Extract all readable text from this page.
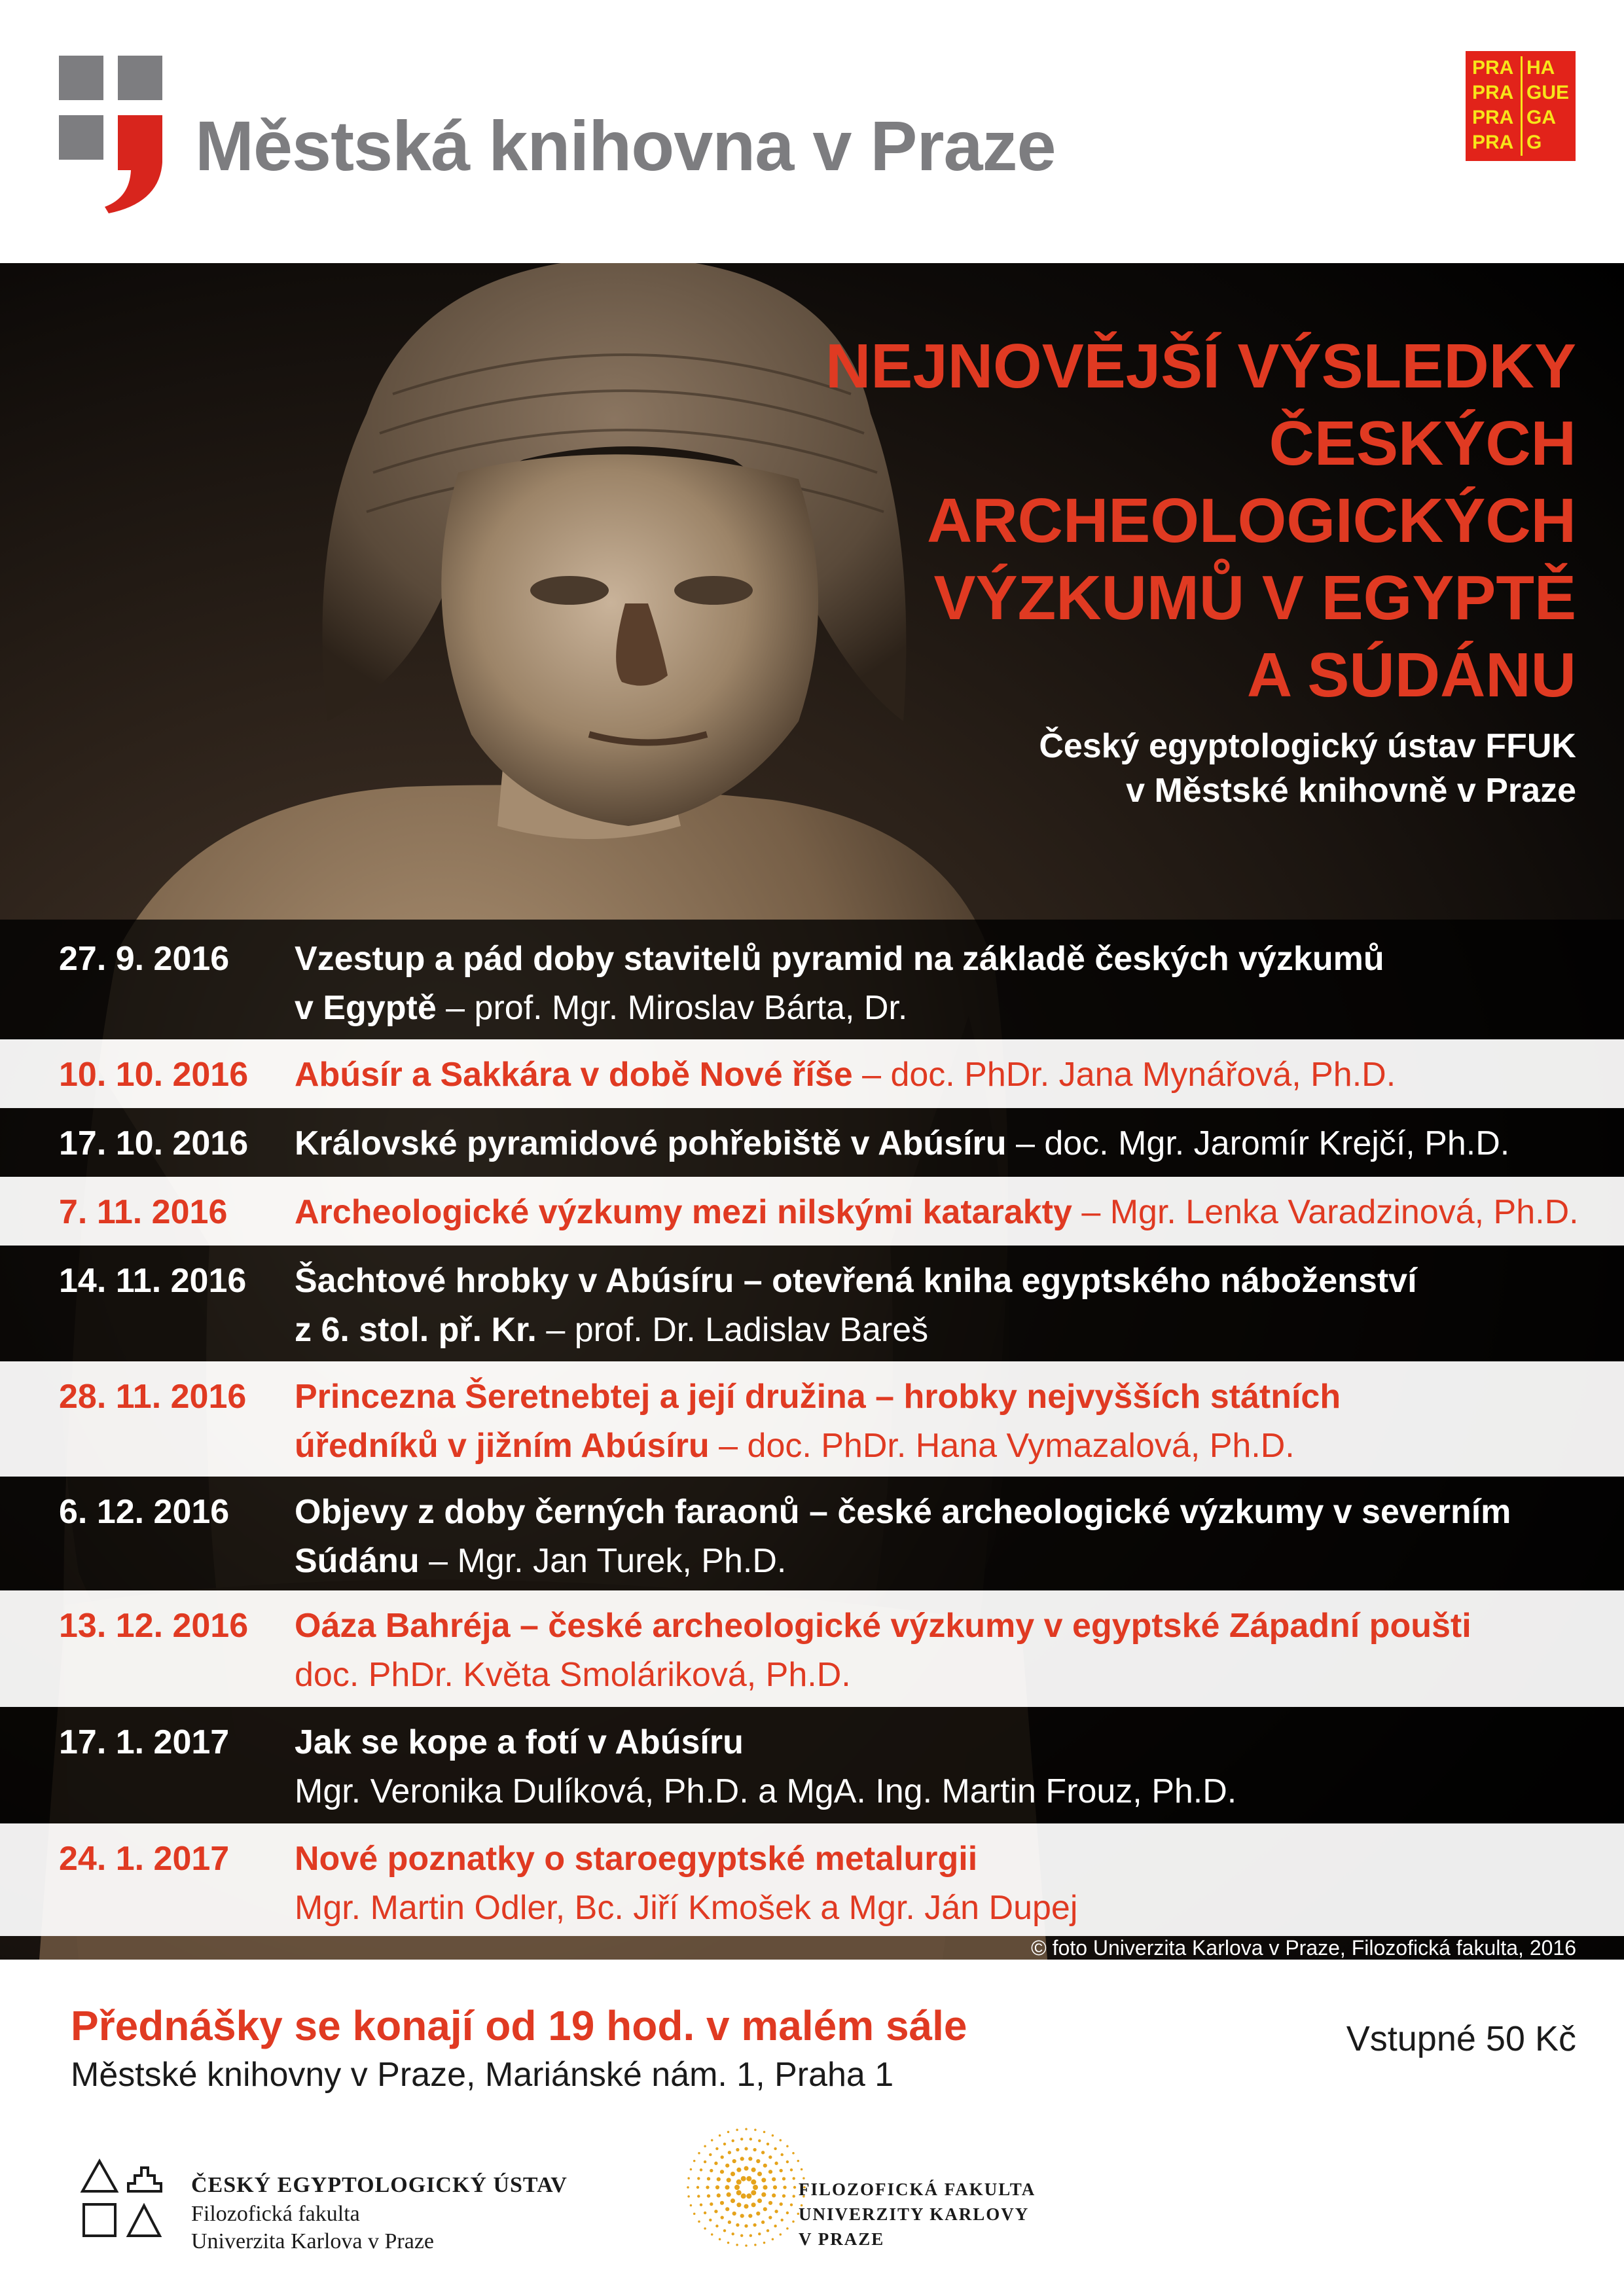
Městská knihovna v Praze
PRA HA
PRA GUE
PRA GA
PRA G
NEJNOVĚJŠÍ VÝSLEDKY
ČESKÝCH
ARCHEOLOGICKÝCH
VÝZKUMŮ V EGYPTĚ
A SÚDÁNU
Český egyptologický ústav FFUK
v Městské knihovně v Praze
27. 9. 2016 Vzestup a pád doby stavitelů pyramid na základě českých výzkumů
v Egyptě – prof. Mgr. Miroslav Bárta, Dr.
10. 10. 2016 Abúsír a Sakkára v době Nové říše – doc. PhDr. Jana Mynářová, Ph.D.
17. 10. 2016 Královské pyramidové pohřebiště v Abúsíru – doc. Mgr. Jaromír Krejčí, Ph.D.
7. 11. 2016 Archeologické výzkumy mezi nilskými katarakty – Mgr. Lenka Varadzinová, Ph.D.
14. 11. 2016 Šachtové hrobky v Abúsíru – otevřená kniha egyptského náboženství
z 6. stol. př. Kr. – prof. Dr. Ladislav Bareš
28. 11. 2016 Princezna Šeretnebtej a její družina – hrobky nejvyšších státních
úředníků v jižním Abúsíru – doc. PhDr. Hana Vymazalová, Ph.D.
6. 12. 2016 Objevy z doby černých faraonů – české archeologické výzkumy v severním
Súdánu – Mgr. Jan Turek, Ph.D.
13. 12. 2016 Oáza Bahréja – české archeologické výzkumy v egyptské Západní poušti
doc. PhDr. Květa Smoláriková, Ph.D.
17. 1. 2017 Jak se kope a fotí v Abúsíru
Mgr. Veronika Dulíková, Ph.D. a MgA. Ing. Martin Frouz, Ph.D.
24. 1. 2017 Nové poznatky o staroegyptské metalurgii
Mgr. Martin Odler, Bc. Jiří Kmošek a Mgr. Ján Dupej
© foto Univerzita Karlova v Praze, Filozofická fakulta, 2016
Přednášky se konají od 19 hod. v malém sále
Městské knihovny v Praze, Mariánské nám. 1, Praha 1
Vstupné 50 Kč
ČESKÝ EGYPTOLOGICKÝ ÚSTAV
Filozofická fakulta
Univerzita Karlova v Praze
FILOZOFICKÁ FAKULTA
UNIVERZITY KARLOVY
V PRAZE
